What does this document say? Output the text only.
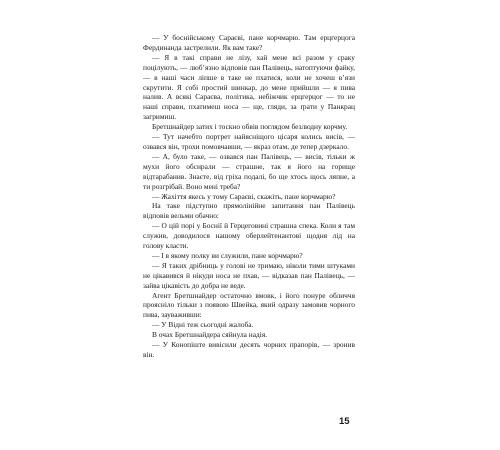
— У боснійському Сараєві, пане корчмарю. Там ерцгерцога Фердинанда застрелили. Як вам таке?

— Я в такі справи не лізу, хай мене всі разом у сраку поцілують, — люб’язно відповів пан Палівець, натоптуючи файку, — в наші часи ліпше в таке не пхатися, коли не хочеш в’язи скрутити. Я собі простий шинкар, до мене прийшли — я пива налив. А всякі Сараєва, політика, небіжчик ерцгерцог — то не наші справи, пхатимеш носа — ще, гляди, за ґрати у Панкрац загримиш.

Бретшнайдер затих і тоскно обвів поглядом безлюдну корчму.

— Тут начебто портрет найясніщого цісаря колись висів, — озвався він, трохи помовчавши, — якраз отам, де тепер дзеркало.

— А, було таке, — озвався пан Палівець, — висів, тільки ж мухи його обсирали — страшне, так я його на горище відтарабанив. Знаєте, від гріха подалі, бо ще хтось щось ляпне, а ти розгрібай. Воно мені треба?

— Жахіття якесь у тому Сараєві, скажіть, пане корчмарю?

На таке підступно прямолінійне запитання пан Палівець відповів вельми обачно:

— О цій порі у Боснії й Герцеговині страшна спека. Коли я там служив, доводилося нашому оберлейтенантові щодня лід на голову класти.

— І в якому полку ви служили, пане корчмарю?

— Я таких дрібниць у голові не тримаю, ніколи тими штуками не цікавився й нікуди носа не пхав, — відказав пан Палівець, — зайва цікавість до добра не веде.

Агент Бретшнайдер остаточно вмовк, і його понуре обличчя проясніло тільки з появою Швейка, який одразу замовив чорного пива, зауваживши:

— У Відні теж сьогодні жалоба.

В очах Бретшнайдера сяйнула надія.

— У Конопіште вивісили десять чорних прапорів, — зронив він.

15
